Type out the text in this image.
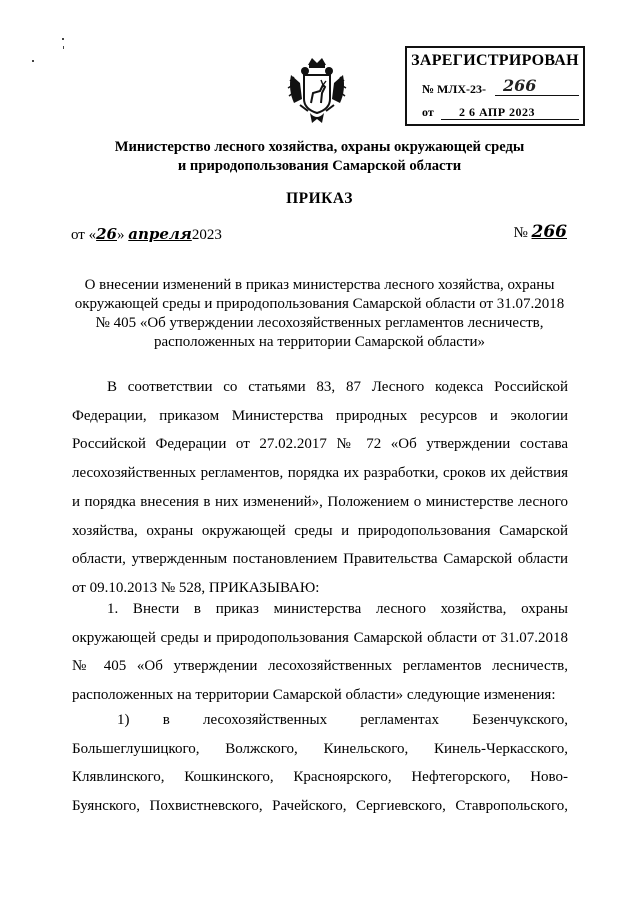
ЗАРЕГИСТРИРОВАН
№ МЛХ-23- 266
от 2 6 АПР 2023
Министерство лесного хозяйства, охраны окружающей среды
и природопользования Самарской области
ПРИКАЗ
от «26» апреля2023	№ 266
О внесении изменений в приказ министерства лесного хозяйства, охраны
окружающей среды и природопользования Самарской области от 31.07.2018
№ 405 «Об утверждении лесохозяйственных регламентов лесничеств,
расположенных на территории Самарской области»
В соответствии со статьями 83, 87 Лесного кодекса Российской Федерации, приказом Министерства природных ресурсов и экологии Российской Федерации от 27.02.2017 № 72 «Об утверждении состава лесохозяйственных регламентов, порядка их разработки, сроков их действия и порядка внесения в них изменений», Положением о министерстве лесного хозяйства, охраны окружающей среды и природопользования Самарской области, утвержденным постановлением Правительства Самарской области от 09.10.2013 № 528, ПРИКАЗЫВАЮ:
1. Внести в приказ министерства лесного хозяйства, охраны окружающей среды и природопользования Самарской области от 31.07.2018 № 405 «Об утверждении лесохозяйственных регламентов лесничеств, расположенных на территории Самарской области» следующие изменения:
1) в лесохозяйственных регламентах Безенчукского, Большеглушицкого, Волжского, Кинельского, Кинель-Черкасского, Клявлинского, Кошкинского, Красноярского, Нефтегорского, Ново-Буянского, Похвистневского, Рачейского, Сергиевского, Ставропольского,
